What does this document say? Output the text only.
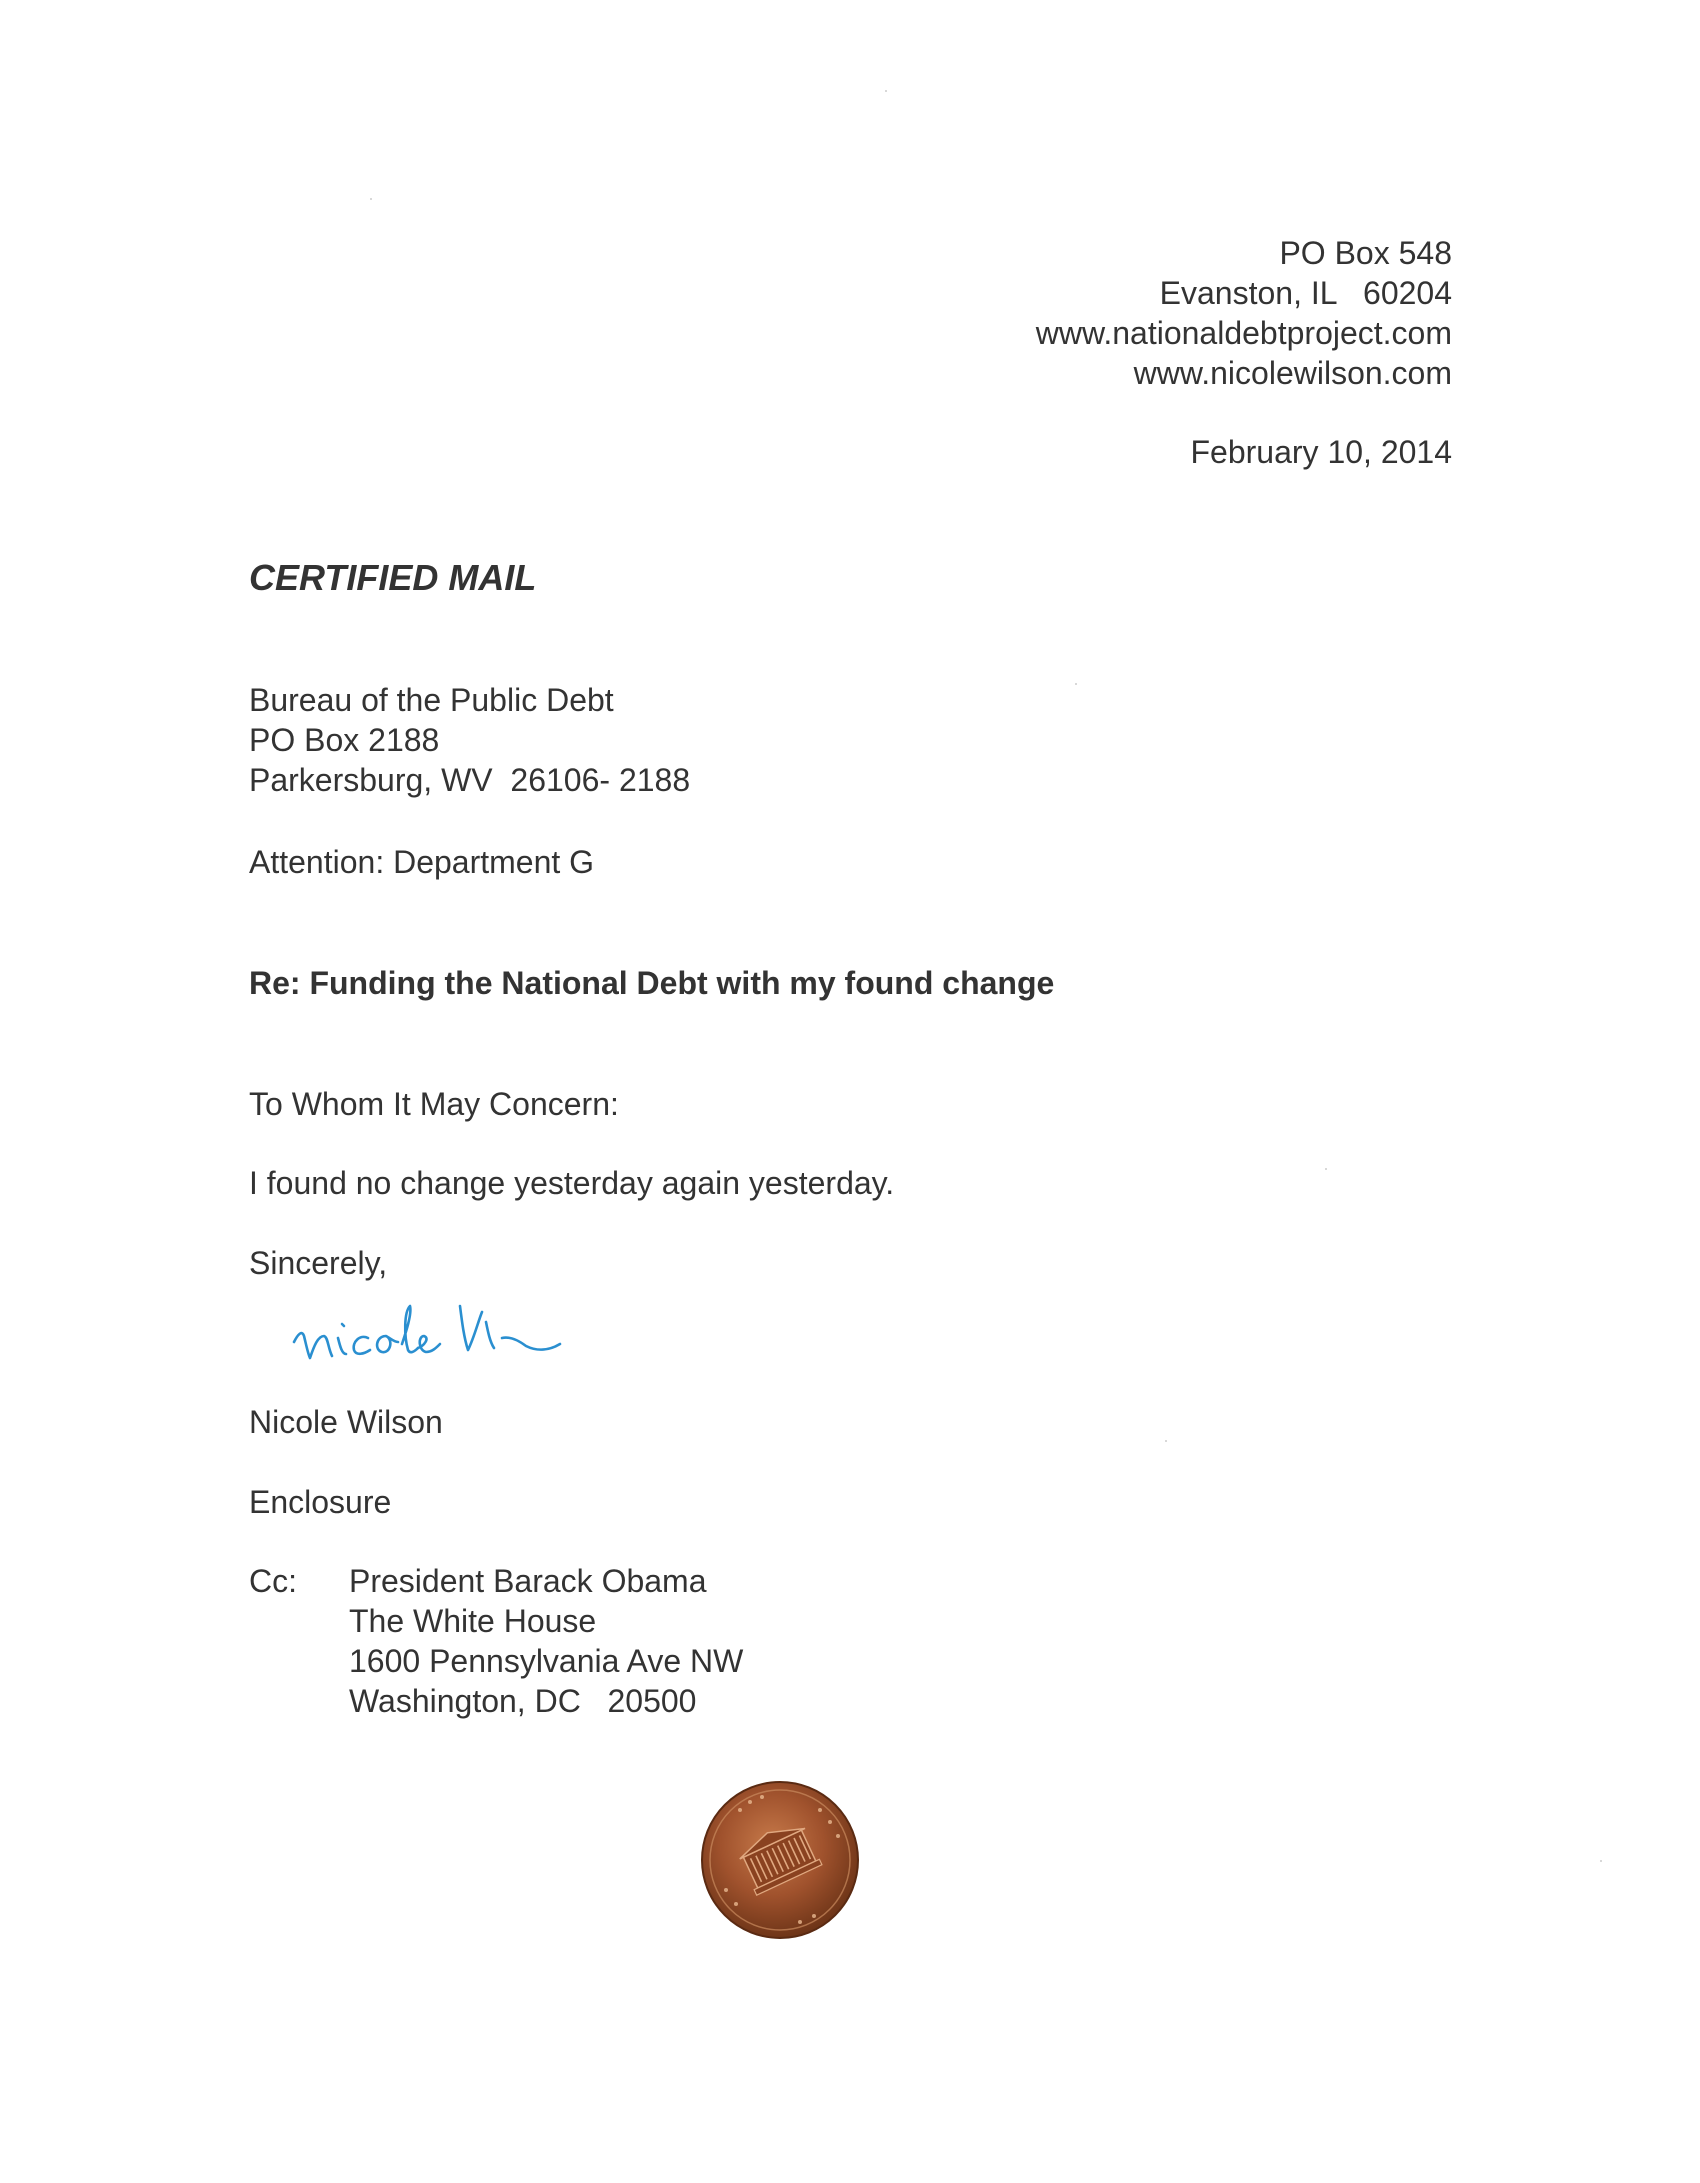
PO Box 548
Evanston, IL   60204
www.nationaldebtproject.com
www.nicolewilson.com
February 10, 2014
CERTIFIED MAIL
Bureau of the Public Debt
PO Box 2188
Parkersburg, WV  26106- 2188
Attention: Department G
Re: Funding the National Debt with my found change
To Whom It May Concern:
I found no change yesterday again yesterday.
Sincerely,
Nicole Wilson
Enclosure
Cc: President Barack Obama
The White House
1600 Pennsylvania Ave NW
Washington, DC   20500
